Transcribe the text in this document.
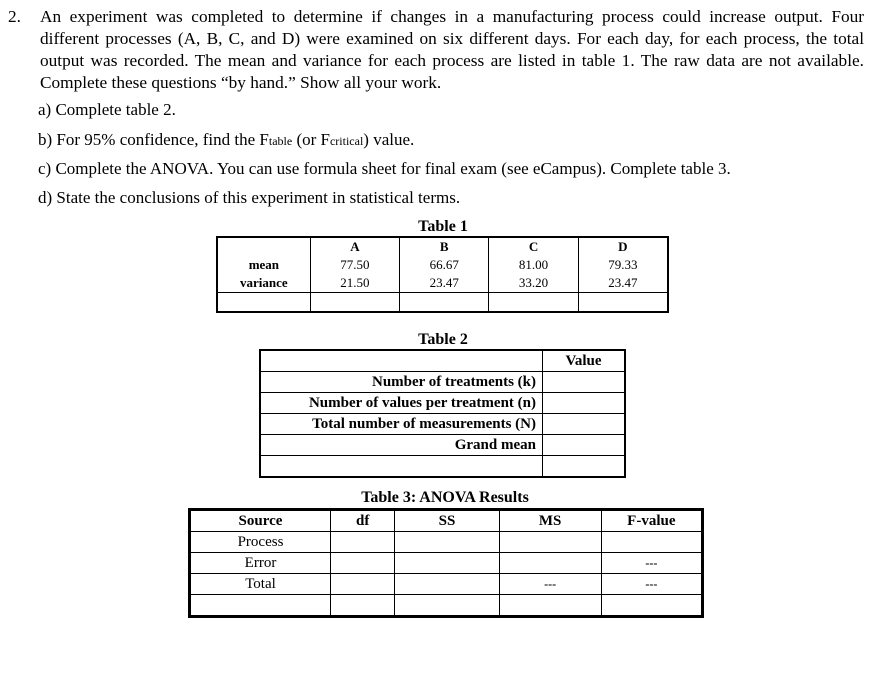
2. An experiment was completed to determine if changes in a manufacturing process could increase output. Four different processes (A, B, C, and D) were examined on six different days. For each day, for each process, the total output was recorded. The mean and variance for each process are listed in table 1. The raw data are not available. Complete these questions “by hand.” Show all your work.
a) Complete table 2.
b) For 95% confidence, find the Ftable (or Fcritical) value.
c) Complete the ANOVA. You can use formula sheet for final exam (see eCampus). Complete table 3.
d) State the conclusions of this experiment in statistical terms.
Table 1
	A	B	C	D
mean	77.50	66.67	81.00	79.33
variance	21.50	23.47	33.20	23.47

Table 2
	Value
Number of treatments (k)	
Number of values per treatment (n)	
Total number of measurements (N)	
Grand mean	

Table 3: ANOVA Results
Source	df	SS	MS	F-value
Process				
Error				---
Total			---	---
